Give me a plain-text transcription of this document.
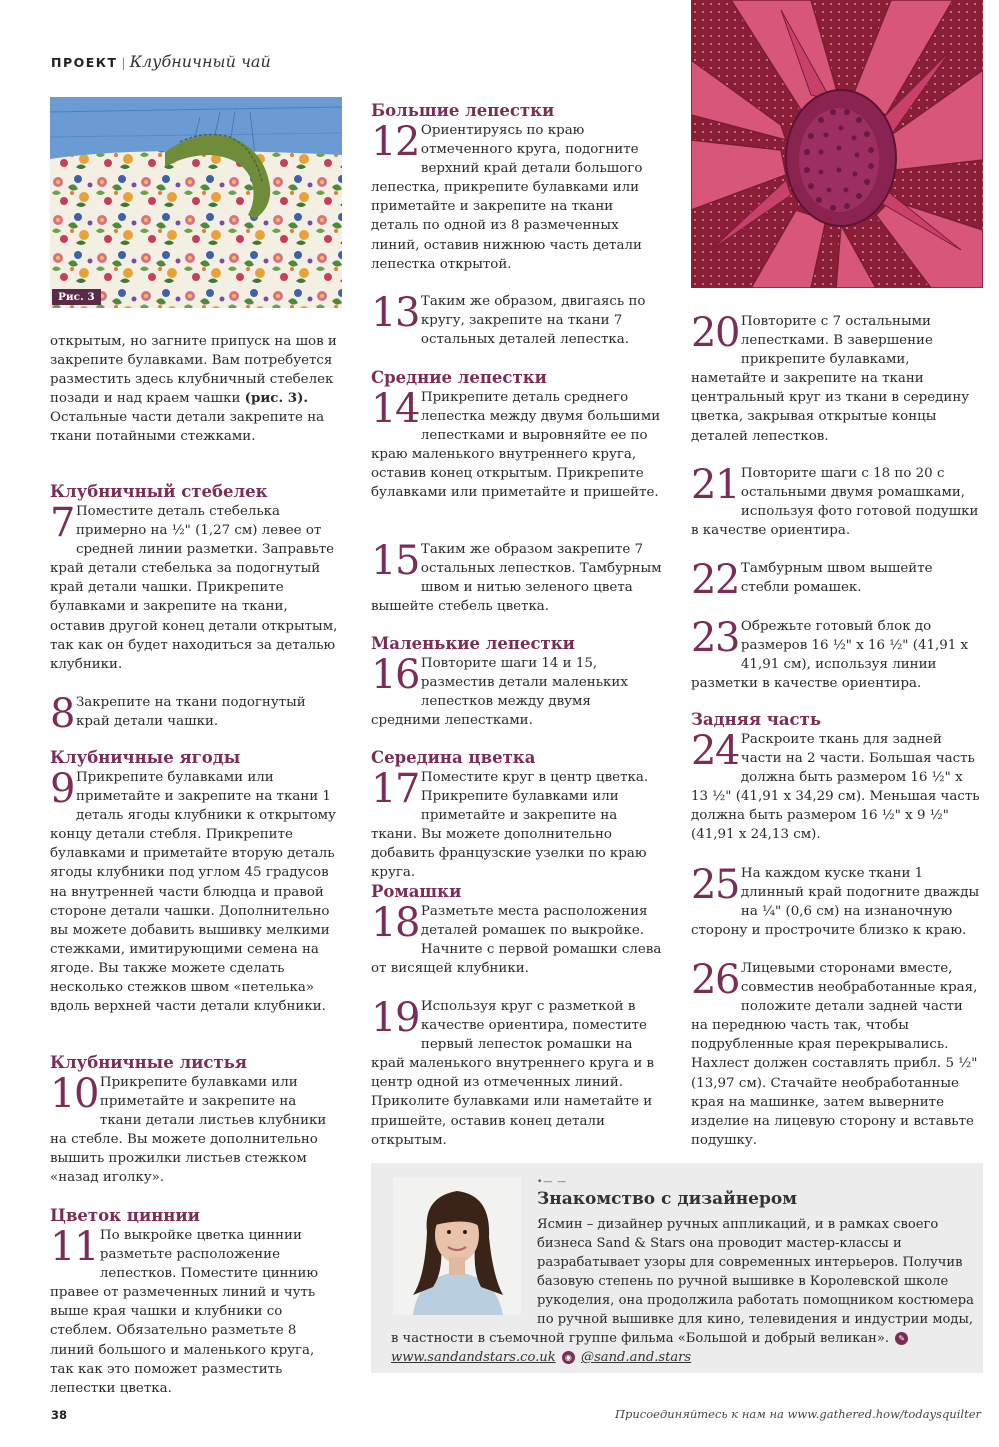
ПРОЕКТ | Клубничный чай
Рис. 3

открытым, но загните припуск на шов и закрепите булавками. Вам потребуется разместить здесь клубничный стебелек позади и над краем чашки (рис. 3). Остальные части детали закрепите на ткани потайными стежками.

Клубничный стебелек
7 Поместите деталь стебелька примерно на ½" (1,27 см) левее от средней линии разметки. Заправьте край детали стебелька за подогнутый край детали чашки. Прикрепите булавками и закрепите на ткани, оставив другой конец детали открытым, так как он будет находиться за деталью клубники.
8 Закрепите на ткани подогнутый край детали чашки.
Клубничные ягоды
9 Прикрепите булавками или приметайте и закрепите на ткани 1 деталь ягоды клубники к открытому концу детали стебля. Прикрепите булавками и приметайте вторую деталь ягоды клубники под углом 45 градусов на внутренней части блюдца и правой стороне детали чашки. Дополнительно вы можете добавить вышивку мелкими стежками, имитирующими семена на ягоде. Вы также можете сделать несколько стежков швом «петелька» вдоль верхней части детали клубники.
Клубничные листья
10 Прикрепите булавками или приметайте и закрепите на ткани детали листьев клубники на стебле. Вы можете дополнительно вышить прожилки листьев стежком «назад иголку».
Цветок циннии
11 По выкройке цветка циннии разметьте расположение лепестков. Поместите циннию правее от размеченных линий и чуть выше края чашки и клубники со стеблем. Обязательно разметьте 8 линий большого и маленького круга, так как это поможет разместить лепестки цветка.
Большие лепестки
12 Ориентируясь по краю отмеченного круга, подогните верхний край детали большого лепестка, прикрепите булавками или приметайте и закрепите на ткани деталь по одной из 8 размеченных линий, оставив нижнюю часть детали лепестка открытой.
13 Таким же образом, двигаясь по кругу, закрепите на ткани 7 остальных деталей лепестка.
Средние лепестки
14 Прикрепите деталь среднего лепестка между двумя большими лепестками и выровняйте ее по краю маленького внутреннего круга, оставив конец открытым. Прикрепите булавками или приметайте и пришейте.
15 Таким же образом закрепите 7 остальных лепестков. Тамбурным швом и нитью зеленого цвета вышейте стебель цветка.
Маленькие лепестки
16 Повторите шаги 14 и 15, разместив детали маленьких лепестков между двумя средними лепестками.
Середина цветка
17 Поместите круг в центр цветка. Прикрепите булавками или приметайте и закрепите на ткани. Вы можете дополнительно добавить французские узелки по краю круга.
Ромашки
18 Разметьте места расположения деталей ромашек по выкройке. Начните с первой ромашки слева от висящей клубники.
19 Используя круг с разметкой в качестве ориентира, поместите первый лепесток ромашки на край маленького внутреннего круга и в центр одной из отмеченных линий. Приколите булавками или наметайте и пришейте, оставив конец детали открытым.
20 Повторите с 7 остальными лепестками. В завершение прикрепите булавками, наметайте и закрепите на ткани центральный круг из ткани в середину цветка, закрывая открытые концы деталей лепестков.
21 Повторите шаги с 18 по 20 с остальными двумя ромашками, используя фото готовой подушки в качестве ориентира.
22 Тамбурным швом вышейте стебли ромашек.
23 Обрежьте готовый блок до размеров 16 ½" x 16 ½" (41,91 x 41,91 см), используя линии разметки в качестве ориентира.
Задняя часть
24 Раскроите ткань для задней части на 2 части. Большая часть должна быть размером 16 ½" x 13 ½" (41,91 x 34,29 см). Меньшая часть должна быть размером 16 ½" x 9 ½" (41,91 x 24,13 см).
25 На каждом куске ткани 1 длинный край подогните дважды на ¼" (0,6 см) на изнаночную сторону и прострочите близко к краю.
26 Лицевыми сторонами вместе, совместив необработанные края, положите детали задней части на переднюю часть так, чтобы подрубленные края перекрывались. Нахлест должен составлять прибл. 5 ½" (13,97 см). Стачайте необработанные края на машинке, затем выверните изделие на лицевую сторону и вставьте подушку.
•— —
Знакомство с дизайнером
Ясмин – дизайнер ручных аппликаций, и в рамках своего бизнеса Sand & Stars она проводит мастер-классы и разрабатывает узоры для современных интерьеров. Получив базовую степень по ручной вышивке в Королевской школе рукоделия, она продолжила работать помощником костюмера по ручной вышивке для кино, телевидения и индустрии моды, в частности в съемочной группе фильма «Большой и добрый великан». ✎ www.sandandstars.co.uk ◉ @sand.and.stars
38	Присоединяйтесь к нам на www.gathered.how/todaysquilter
